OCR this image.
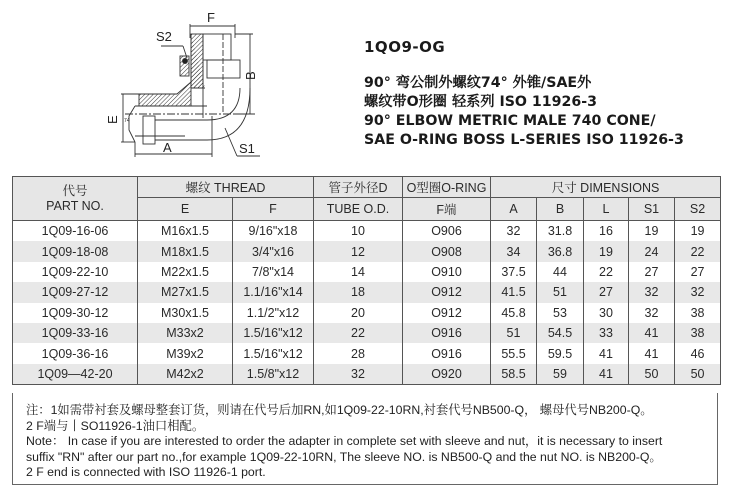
F
S2
B
E
A	S1
74
1QO9-OG
90° 弯公制外螺纹74° 外锥/SAE外
螺纹带O形圈 轻系列 ISO 11926-3
90° ELBOW METRIC MALE 740 CONE/
SAE O-RING BOSS L-SERIES ISO 11926-3
代号
PART NO.	螺纹 THREAD		管子外径D	O型圈O-RING	尺寸 DIMENSIONS				
	E	F	TUBE O.D.	F端	A	B	L	S1	S2
1Q09-16-06	M16x1.5	9/16"x18	10	O906	32	31.8	16	19	19
1Q09-18-08	M18x1.5	3/4"x16	12	O908	34	36.8	19	24	22
1Q09-22-10	M22x1.5	7/8"x14	14	O910	37.5	44	22	27	27
1Q09-27-12	M27x1.5	1.1/16"x14	18	O912	41.5	51	27	32	32
1Q09-30-12	M30x1.5	1.1/2"x12	20	O912	45.8	53	30	32	38
1Q09-33-16	M33x2	1.5/16"x12	22	O916	51	54.5	33	41	38
1Q09-36-16	M39x2	1.5/16"x12	28	O916	55.5	59.5	41	41	46
1Q09—42-20	M42x2	1.5/8"x12	32	O920	58.5	59	41	50	50
注：1如需带衬套及螺母整套订货，则请在代号后加RN,如1Q09-22-10RN,衬套代号NB500-Q， 螺母代号NB200-Q。
2 F端与丨SO11926-1油口相配。
Note： In case if you are interested to order the adapter in complete set with sleeve and nut，it is necessary to insert
suffix "RN" after our part no.,for example 1Q09-22-10RN, The sleeve NO. is NB500-Q and the nut NO. is NB200-Q。
2 F end is connected with ISO 11926-1 port.
